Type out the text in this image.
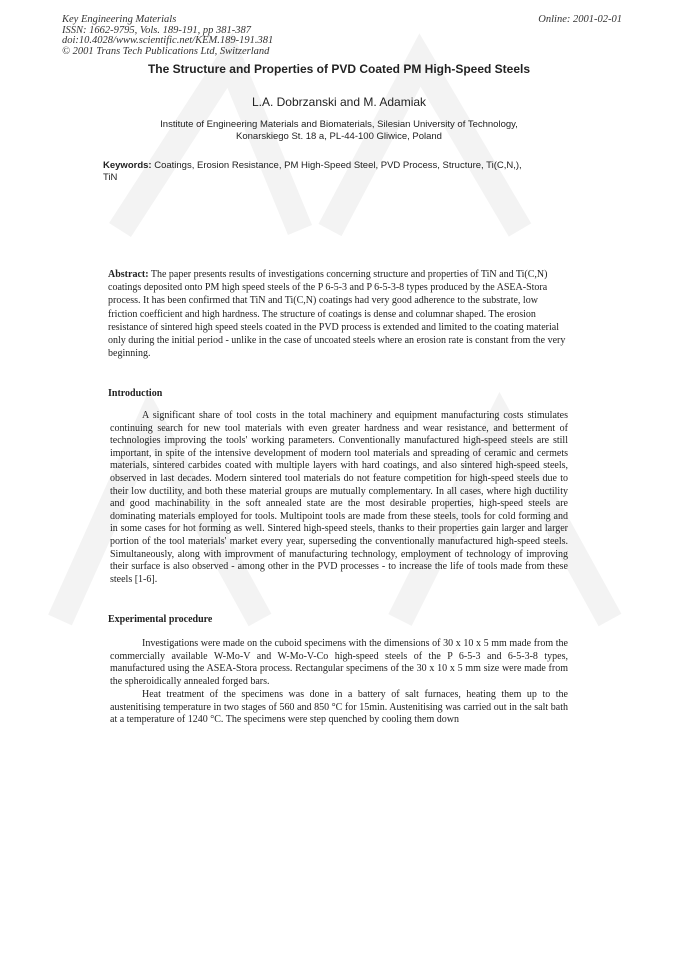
Key Engineering Materials
ISSN: 1662-9795, Vols. 189-191, pp 381-387
doi:10.4028/www.scientific.net/KEM.189-191.381
© 2001 Trans Tech Publications Ltd, Switzerland
Online: 2001-02-01
The Structure and Properties of PVD Coated PM High-Speed Steels
L.A. Dobrzanski and M. Adamiak
Institute of Engineering Materials and Biomaterials, Silesian University of Technology,
Konarskiego St. 18 a, PL-44-100 Gliwice, Poland
Keywords: Coatings, Erosion Resistance, PM High-Speed Steel, PVD Process, Structure, Ti(C,N,), TiN
Abstract: The paper presents results of investigations concerning structure and properties of TiN and Ti(C,N) coatings deposited onto PM high speed steels of the P 6-5-3 and P 6-5-3-8 types produced by the ASEA-Stora process. It has been confirmed that TiN and Ti(C,N) coatings had very good adherence to the substrate, low friction coefficient and high hardness. The structure of coatings is dense and columnar shaped. The erosion resistance of sintered high speed steels coated in the PVD process is extended and limited to the coating material only during the initial period - unlike in the case of uncoated steels where an erosion rate is constant from the very beginning.
Introduction
A significant share of tool costs in the total machinery and equipment manufacturing costs stimulates continuing search for new tool materials with even greater hardness and wear resistance, and betterment of technologies improving the tools' working parameters. Conventionally manufactured high-speed steels are still important, in spite of the intensive development of modern tool materials and spreading of ceramic and cermets materials, sintered carbides coated with multiple layers with hard coatings, and also sintered high-speed steels, observed in last decades. Modern sintered tool materials do not feature competition for high-speed steels due to their low ductility, and both these material groups are mutually complementary. In all cases, where high ductility and good machinability in the soft annealed state are the most desirable properties, high-speed steels are dominating materials employed for tools. Multipoint tools are made from these steels, tools for cold forming and in some cases for hot forming as well. Sintered high-speed steels, thanks to their properties gain larger and larger portion of the tool materials' market every year, superseding the conventionally manufactured high-speed steels. Simultaneously, along with improvment of manufacturing technology, employment of technology of improving their surface is also observed - among other in the PVD processes - to increase the life of tools made from these steels [1-6].
Experimental procedure
Investigations were made on the cuboid specimens with the dimensions of 30 x 10 x 5 mm made from the commercially available W-Mo-V and W-Mo-V-Co high-speed steels of the P 6-5-3 and 6-5-3-8 types, manufactured using the ASEA-Stora process. Rectangular specimens of the 30 x 10 x 5 mm size were made from the spheroidically annealed forged bars.
Heat treatment of the specimens was done in a battery of salt furnaces, heating them up to the austenitising temperature in two stages of 560 and 850 °C for 15min. Austenitising was carried out in the salt bath at a temperature of 1240 °C. The specimens were step quenched by cooling them down
